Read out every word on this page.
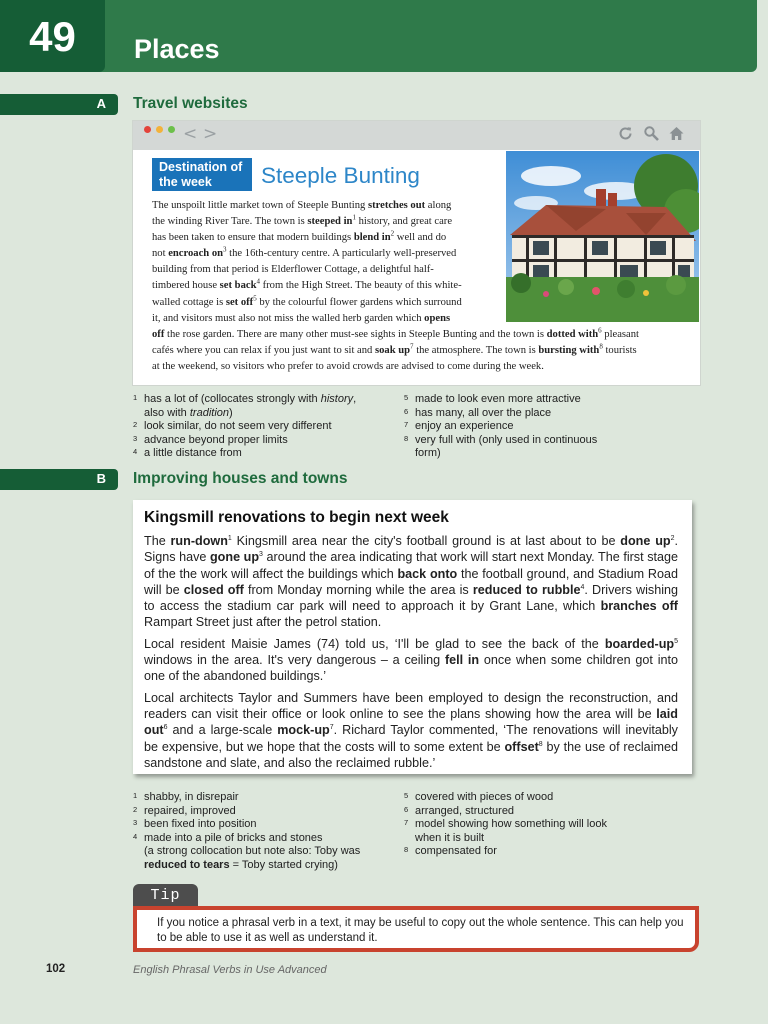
49	Places
A Travel websites
< >
Destination of
the week	Steeple Bunting

The unspoilt little market town of Steeple Bunting stretches out along

the winding River Tare. The town is steeped $in^1$ history, and great care

has been taken to ensure that modern buildings blend $in^2$ well and do

not encroach $on^3$ the 16th-century centre. A particularly well-preserved

building from that period is Elderflower Cottage, a delightful half-

timbered house set back$^4$ from the High Street. The beauty of this white-

walled cottage is set off$^5$ by the colourful flower gardens which surround

it, and visitors must also not miss the walled herb garden which opens

off the rose garden. There are many other must-see sights in Steeple Bunting and the town is dotted with$^6$ pleasant

cafés where you can relax if you just want to sit and soak $up^7$ the atmosphere. The town is bursting with$^8$ tourists

at the weekend, so visitors who prefer to avoid crowds are advised to come during the week.

1 has a lot of (collocates strongly with history,
also with tradition)
2 look similar, do not seem very different
3 advance beyond proper limits
4 a little distance from
5 made to look even more attractive
6 has many, all over the place
7 enjoy an experience
8 very full with (only used in continuous
form)
B Improving houses and towns
Kingsmill renovations to begin next week

The run-down$^1$ Kingsmill area near the city's football ground is at last about to be done $up^2$. Signs have gone $up^3$ around the area indicating that work will start next Monday. The first stage of the the work will affect the buildings which back onto the football ground, and Stadium Road will be closed off from Monday morning while the area is reduced to rubble$^4$. Drivers wishing to access the stadium car park will need to approach it by Grant Lane, which branches off Rampart Street just after the petrol station.

Local resident Maisie James (74) told us, ‘I'll be glad to see the back of the boarded-$up^5$ windows in the area. It's very dangerous – a ceiling fell in once when some children got into one of the abandoned buildings.’

Local architects Taylor and Summers have been employed to design the reconstruction, and readers can visit their office or look online to see the plans showing how the area will be laid out$^6$ and a large-scale mock-$up^7$. Richard Taylor commented, ‘The renovations will inevitably be expensive, but we hope that the costs will to some extent be offset$^8$ by the use of reclaimed sandstone and slate, and also the reclaimed rubble.’

1 shabby, in disrepair
2 repaired, improved
3 been fixed into position
4 made into a pile of bricks and stones
(a strong collocation but note also: Toby was
reduced to tears = Toby started crying)
5 covered with pieces of wood
6 arranged, structured
7 model showing how something will look
when it is built
8 compensated for
Tip
If you notice a phrasal verb in a text, it may be useful to copy out the whole sentence. This can help you to be able to use it as well as understand it.
102	English Phrasal Verbs in Use Advanced
